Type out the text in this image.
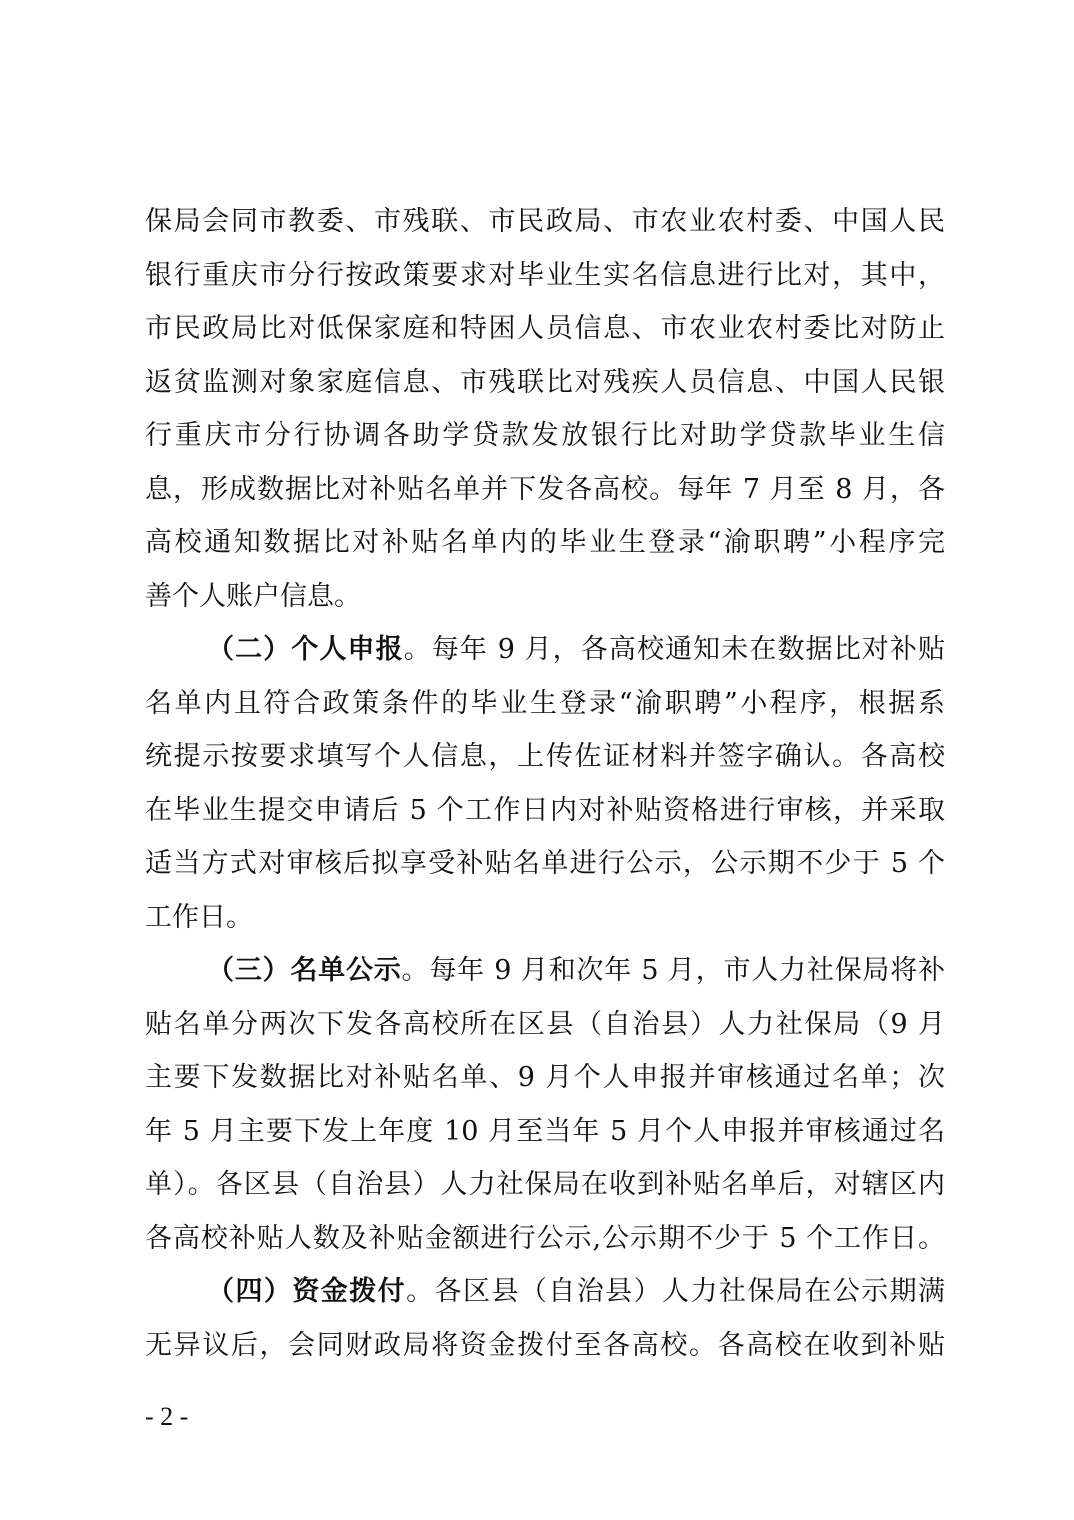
保局会同市教委、市残联、市民政局、市农业农村委、中国人民
银行重庆市分行按政策要求对毕业生实名信息进行比对，其中，
市民政局比对低保家庭和特困人员信息、市农业农村委比对防止
返贫监测对象家庭信息、市残联比对残疾人员信息、中国人民银
行重庆市分行协调各助学贷款发放银行比对助学贷款毕业生信
息，形成数据比对补贴名单并下发各高校。每年 7 月至 8 月，各
高校通知数据比对补贴名单内的毕业生登录“渝职聘”小程序完
善个人账户信息。
（二）个人申报。每年 9 月，各高校通知未在数据比对补贴
名单内且符合政策条件的毕业生登录“渝职聘”小程序，根据系
统提示按要求填写个人信息，上传佐证材料并签字确认。各高校
在毕业生提交申请后 5 个工作日内对补贴资格进行审核，并采取
适当方式对审核后拟享受补贴名单进行公示，公示期不少于 5 个
工作日。
（三）名单公示。每年 9 月和次年 5 月，市人力社保局将补
贴名单分两次下发各高校所在区县（自治县）人力社保局（9 月
主要下发数据比对补贴名单、9 月个人申报并审核通过名单；次
年 5 月主要下发上年度 10 月至当年 5 月个人申报并审核通过名
单）。各区县（自治县）人力社保局在收到补贴名单后，对辖区内
各高校补贴人数及补贴金额进行公示,公示期不少于 5 个工作日。
（四）资金拨付。各区县（自治县）人力社保局在公示期满
无异议后，会同财政局将资金拨付至各高校。各高校在收到补贴
- 2 -
